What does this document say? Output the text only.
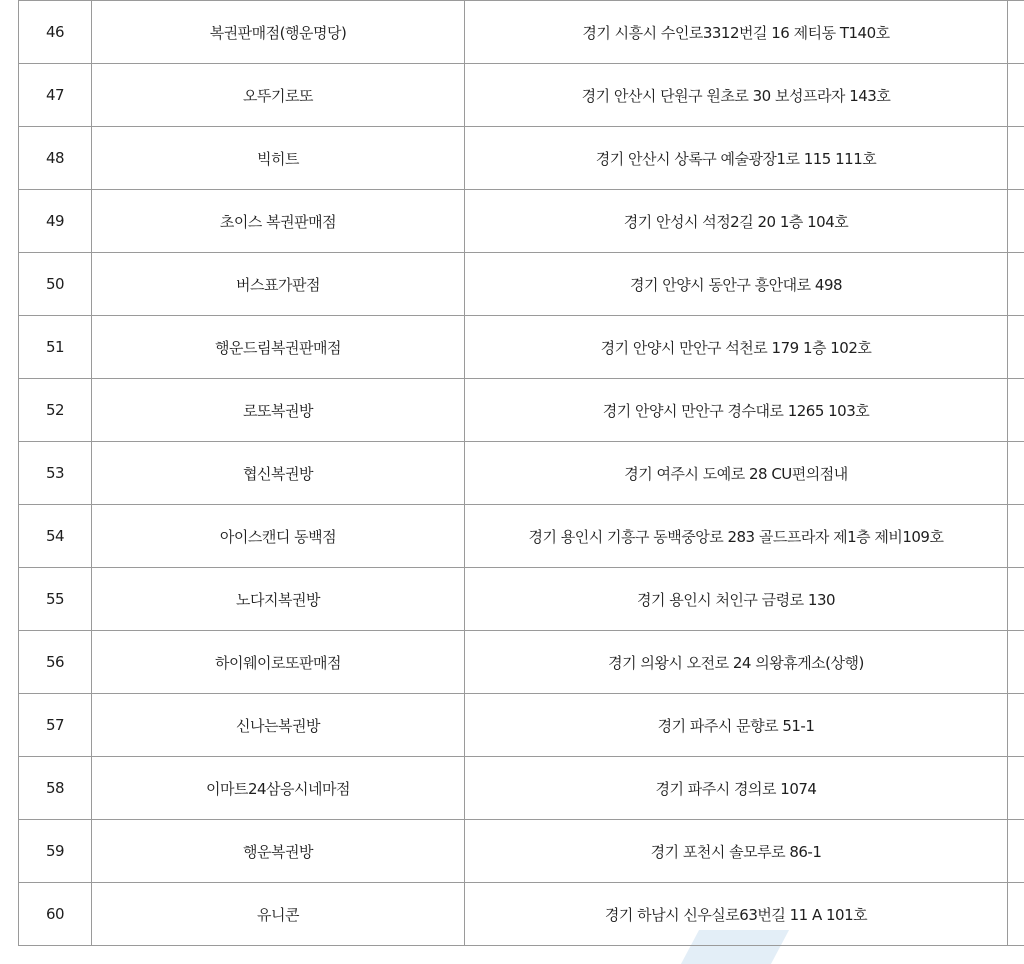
46	복권판매점(행운명당)	경기 시흥시 수인로3312번길 16 제티동 T140호	
47	오뚜기로또	경기 안산시 단원구 원초로 30 보성프라자 143호	
48	빅히트	경기 안산시 상록구 예술광장1로 115 111호	
49	초이스 복권판매점	경기 안성시 석정2길 20 1층 104호	
50	버스표가판점	경기 안양시 동안구 흥안대로 498	
51	행운드림복권판매점	경기 안양시 만안구 석천로 179 1층 102호	
52	로또복권방	경기 안양시 만안구 경수대로 1265 103호	
53	협신복권방	경기 여주시 도예로 28 CU편의점내	
54	아이스캔디 동백점	경기 용인시 기흥구 동백중앙로 283 골드프라자 제1층 제비109호	
55	노다지복권방	경기 용인시 처인구 금령로 130	
56	하이웨이로또판매점	경기 의왕시 오전로 24 의왕휴게소(상행)	
57	신나는복권방	경기 파주시 문향로 51-1	
58	이마트24삼응시네마점	경기 파주시 경의로 1074	
59	행운복권방	경기 포천시 솔모루로 86-1	
60	유니콘	경기 하남시 신우실로63번길 11 A 101호	
